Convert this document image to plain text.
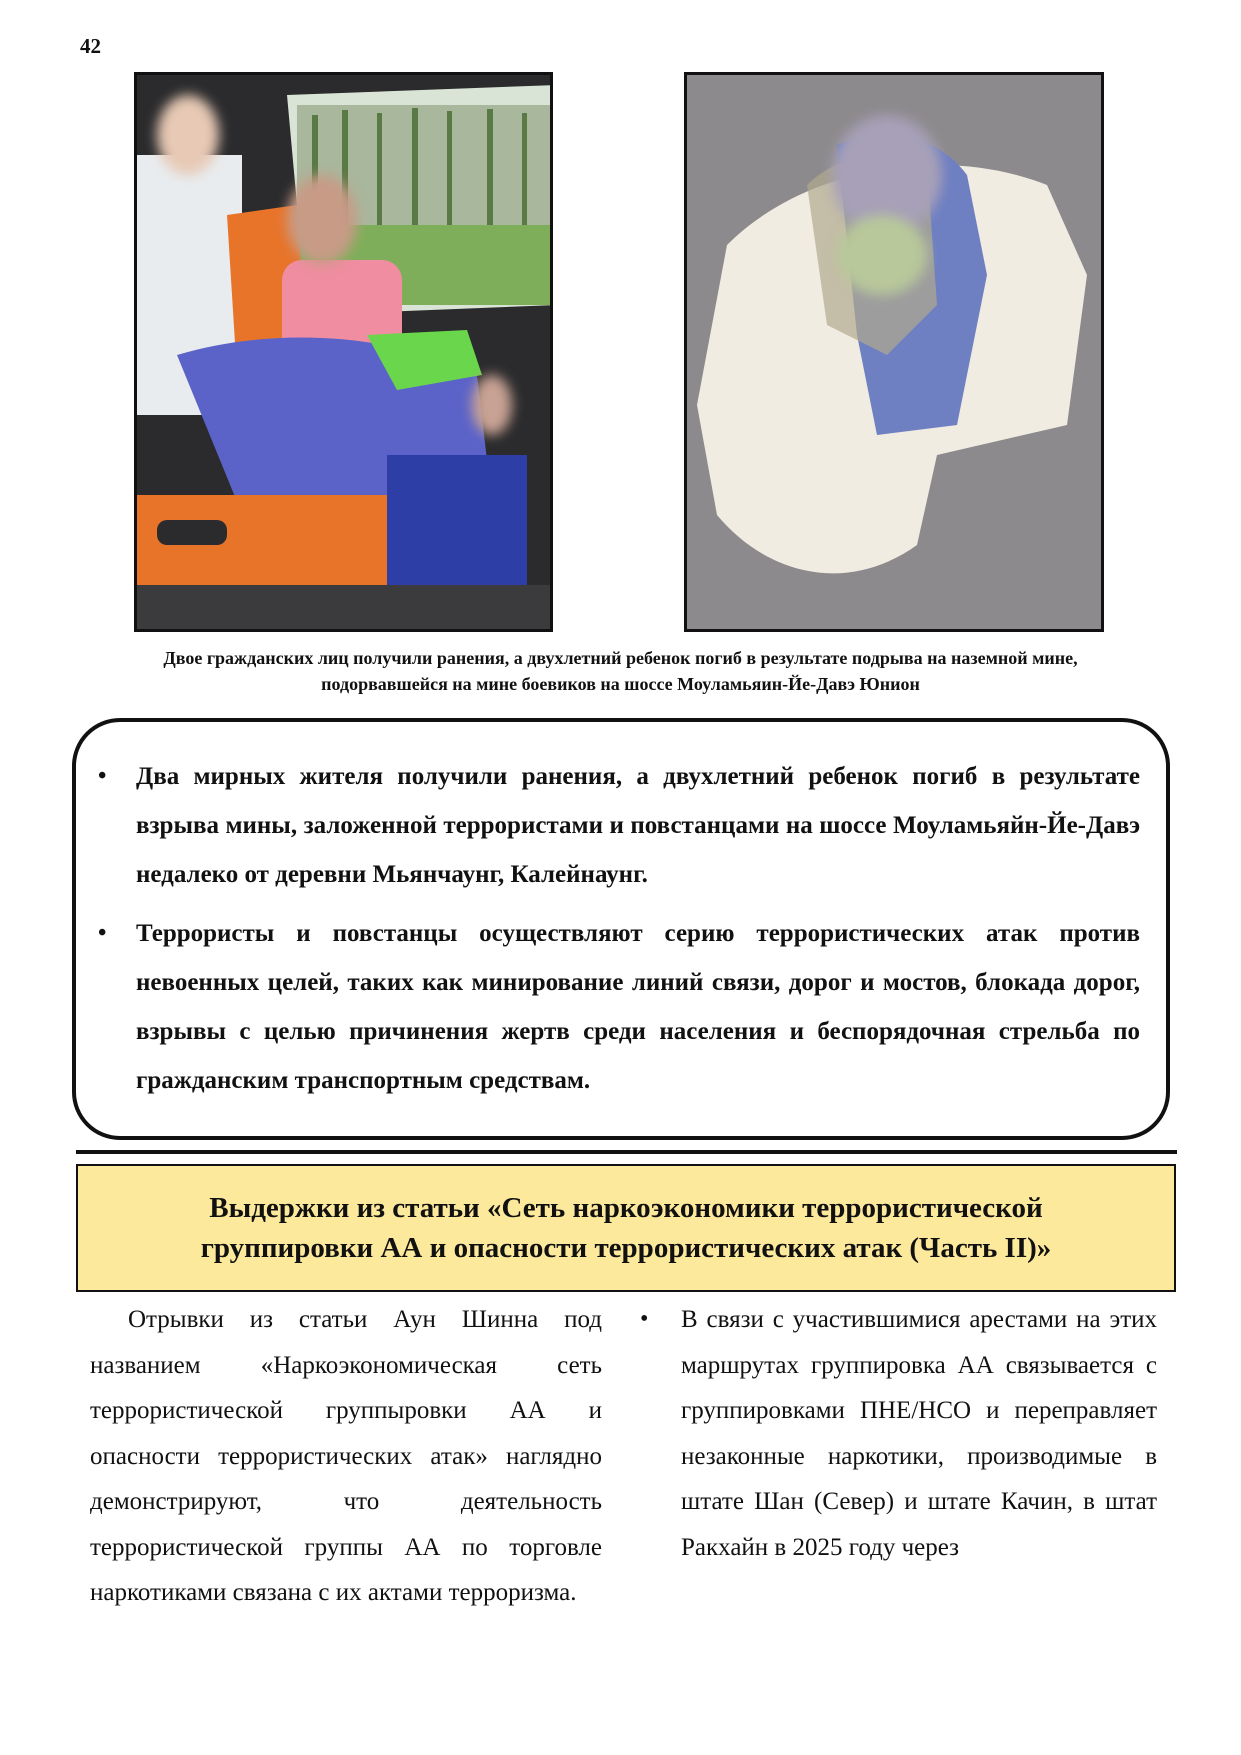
42
Двое гражданских лиц получили ранения, а двухлетний ребенок погиб в результате подрыва на наземной мине,
подорвавшейся на мине боевиков на шоссе Моуламьяин-Йе-Давэ Юнион
• Два мирных жителя получили ранения, а двухлетний ребенок погиб в результате взрыва мины, заложенной террористами и повстанцами на шоссе Моуламьяйн-Йе-Давэ недалеко от деревни Мьянчаунг, Калейнаунг.
• Террористы и повстанцы осуществляют серию террористических атак против невоенных целей, таких как минирование линий связи, дорог и мостов, блокада дорог, взрывы с целью причинения жертв среди населения и беспорядочная стрельба по гражданским транспортным средствам.
Выдержки из статьи «Сеть наркоэкономики террористической
группировки АА и опасности террористических атак (Часть II)»

Отрывки из статьи Аун Шинна под названием «Наркоэкономическая сеть террористической группыровки АА и опасности террористических атак» наглядно демонстрируют, что деятельность террористической группы АА по торговле наркотиками связана с их актами терроризма.

• В связи с участившимися арестами на этих маршрутах группировка АА связывается с группировками ПНЕ/НСО и переправляет незаконные наркотики, производимые в штате Шан (Север) и штате Качин, в штат Ракхайн в 2025 году через
